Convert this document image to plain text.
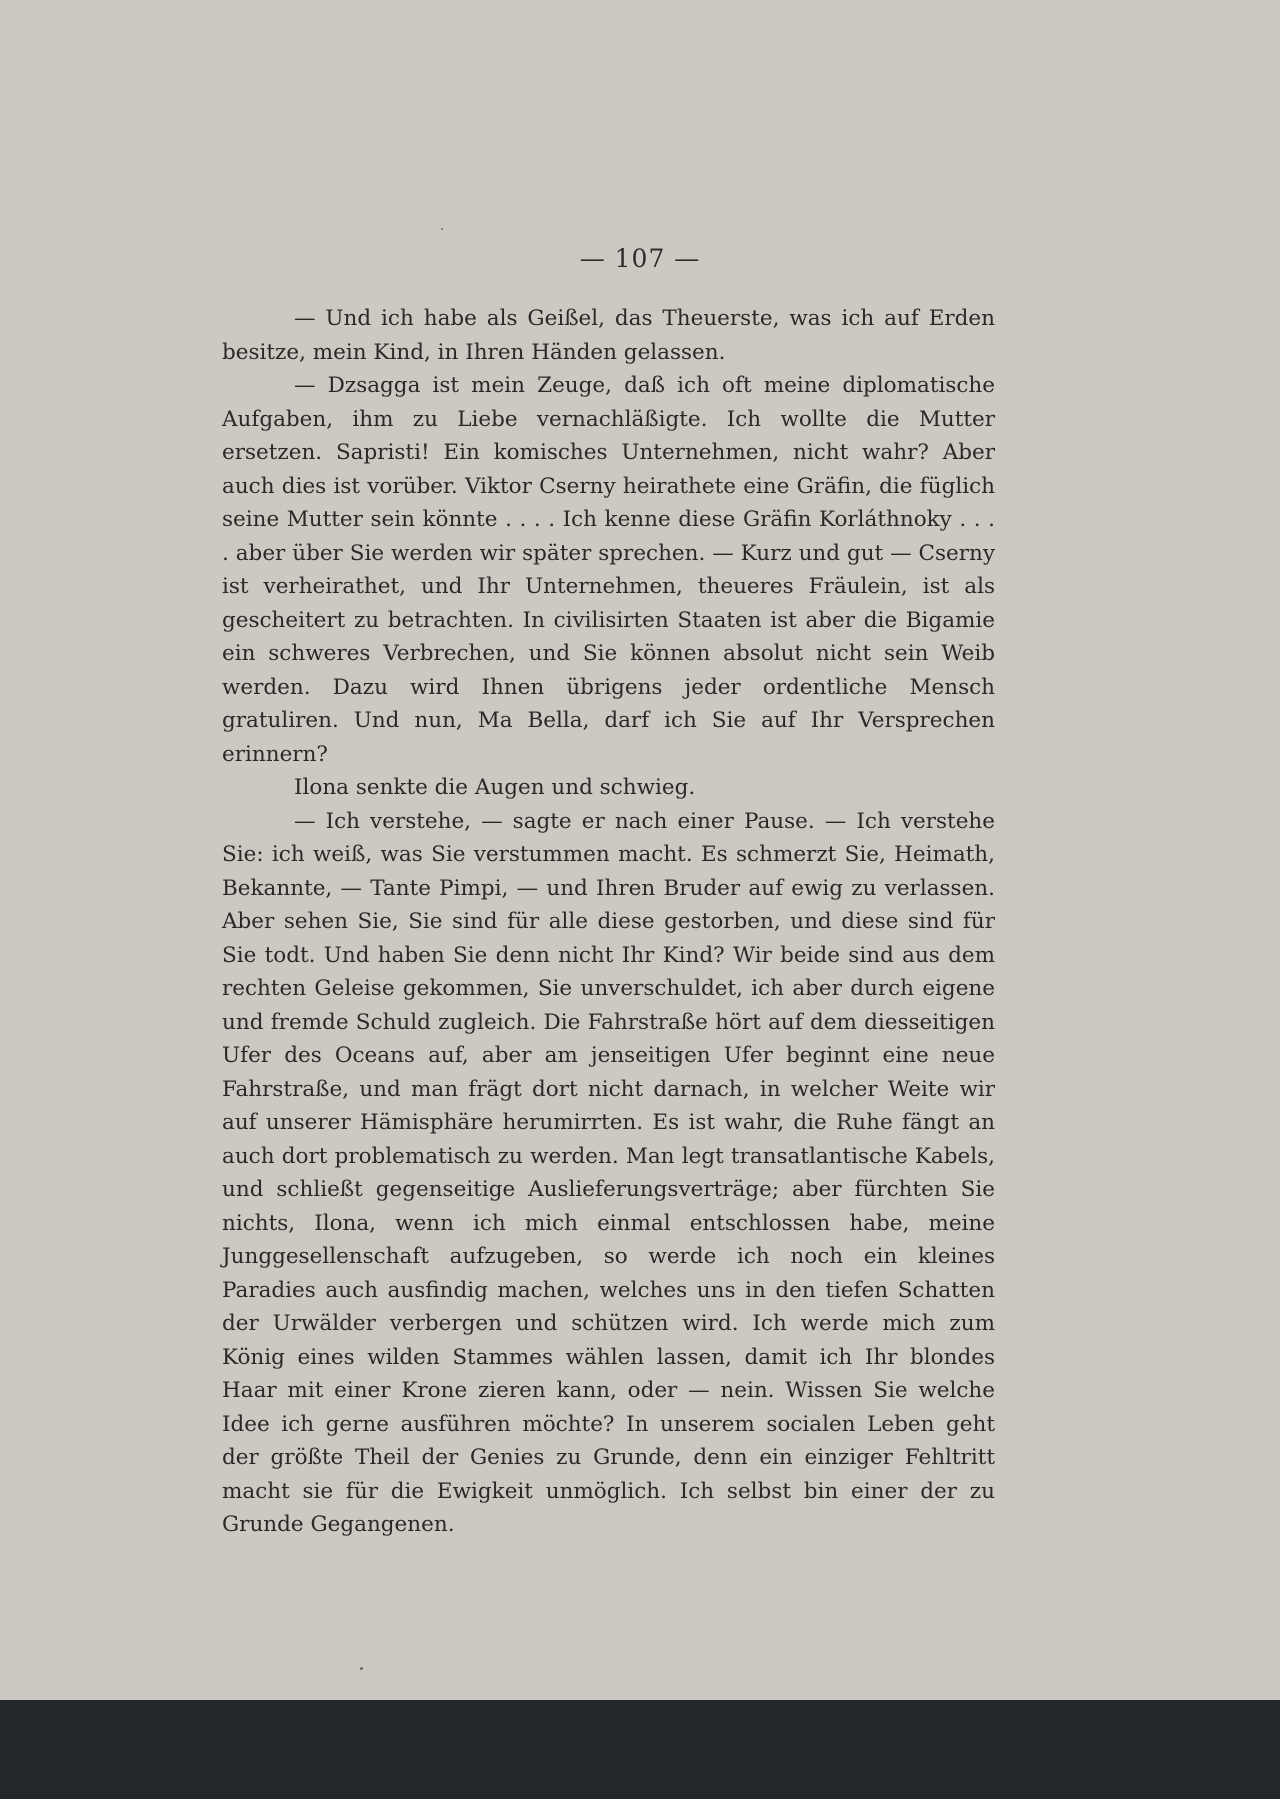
— 107 —

— Und ich habe als Geißel, das Theuerste, was ich auf Erden besitze, mein Kind, in Ihren Händen gelassen.

— Dzsagga ist mein Zeuge, daß ich oft meine diplomatische Aufgaben, ihm zu Liebe vernachläßigte. Ich wollte die Mutter ersetzen. Sapristi! Ein komisches Unternehmen, nicht wahr? Aber auch dies ist vorüber. Viktor Cserny heirathete eine Gräfin, die füglich seine Mutter sein könnte . . . . Ich kenne diese Gräfin Korláthnoky . . . . aber über Sie werden wir später sprechen. — Kurz und gut — Cserny ist verheirathet, und Ihr Unternehmen, theueres Fräulein, ist als gescheitert zu betrachten. In civilisirten Staaten ist aber die Bigamie ein schweres Verbrechen, und Sie können absolut nicht sein Weib werden. Dazu wird Ihnen übrigens jeder ordentliche Mensch gratuliren. Und nun, Ma Bella, darf ich Sie auf Ihr Versprechen erinnern?

Ilona senkte die Augen und schwieg.

— Ich verstehe, — sagte er nach einer Pause. — Ich verstehe Sie: ich weiß, was Sie verstummen macht. Es schmerzt Sie, Heimath, Bekannte, — Tante Pimpi, — und Ihren Bruder auf ewig zu verlassen. Aber sehen Sie, Sie sind für alle diese gestorben, und diese sind für Sie todt. Und haben Sie denn nicht Ihr Kind? Wir beide sind aus dem rechten Geleise gekommen, Sie unverschuldet, ich aber durch eigene und fremde Schuld zugleich. Die Fahrstraße hört auf dem diesseitigen Ufer des Oceans auf, aber am jenseitigen Ufer beginnt eine neue Fahrstraße, und man frägt dort nicht darnach, in welcher Weite wir auf unserer Hämisphäre herumirrten. Es ist wahr, die Ruhe fängt an auch dort problematisch zu werden. Man legt transatlantische Kabels, und schließt gegenseitige Auslieferungsverträge; aber fürchten Sie nichts, Ilona, wenn ich mich einmal entschlossen habe, meine Junggesellenschaft aufzugeben, so werde ich noch ein kleines Paradies auch ausfindig machen, welches uns in den tiefen Schatten der Urwälder verbergen und schützen wird. Ich werde mich zum König eines wilden Stammes wählen lassen, damit ich Ihr blondes Haar mit einer Krone zieren kann, oder — nein. Wissen Sie welche Idee ich gerne ausführen möchte? In unserem socialen Leben geht der größte Theil der Genies zu Grunde, denn ein einziger Fehltritt macht sie für die Ewigkeit unmöglich. Ich selbst bin einer der zu Grunde Gegangenen.
